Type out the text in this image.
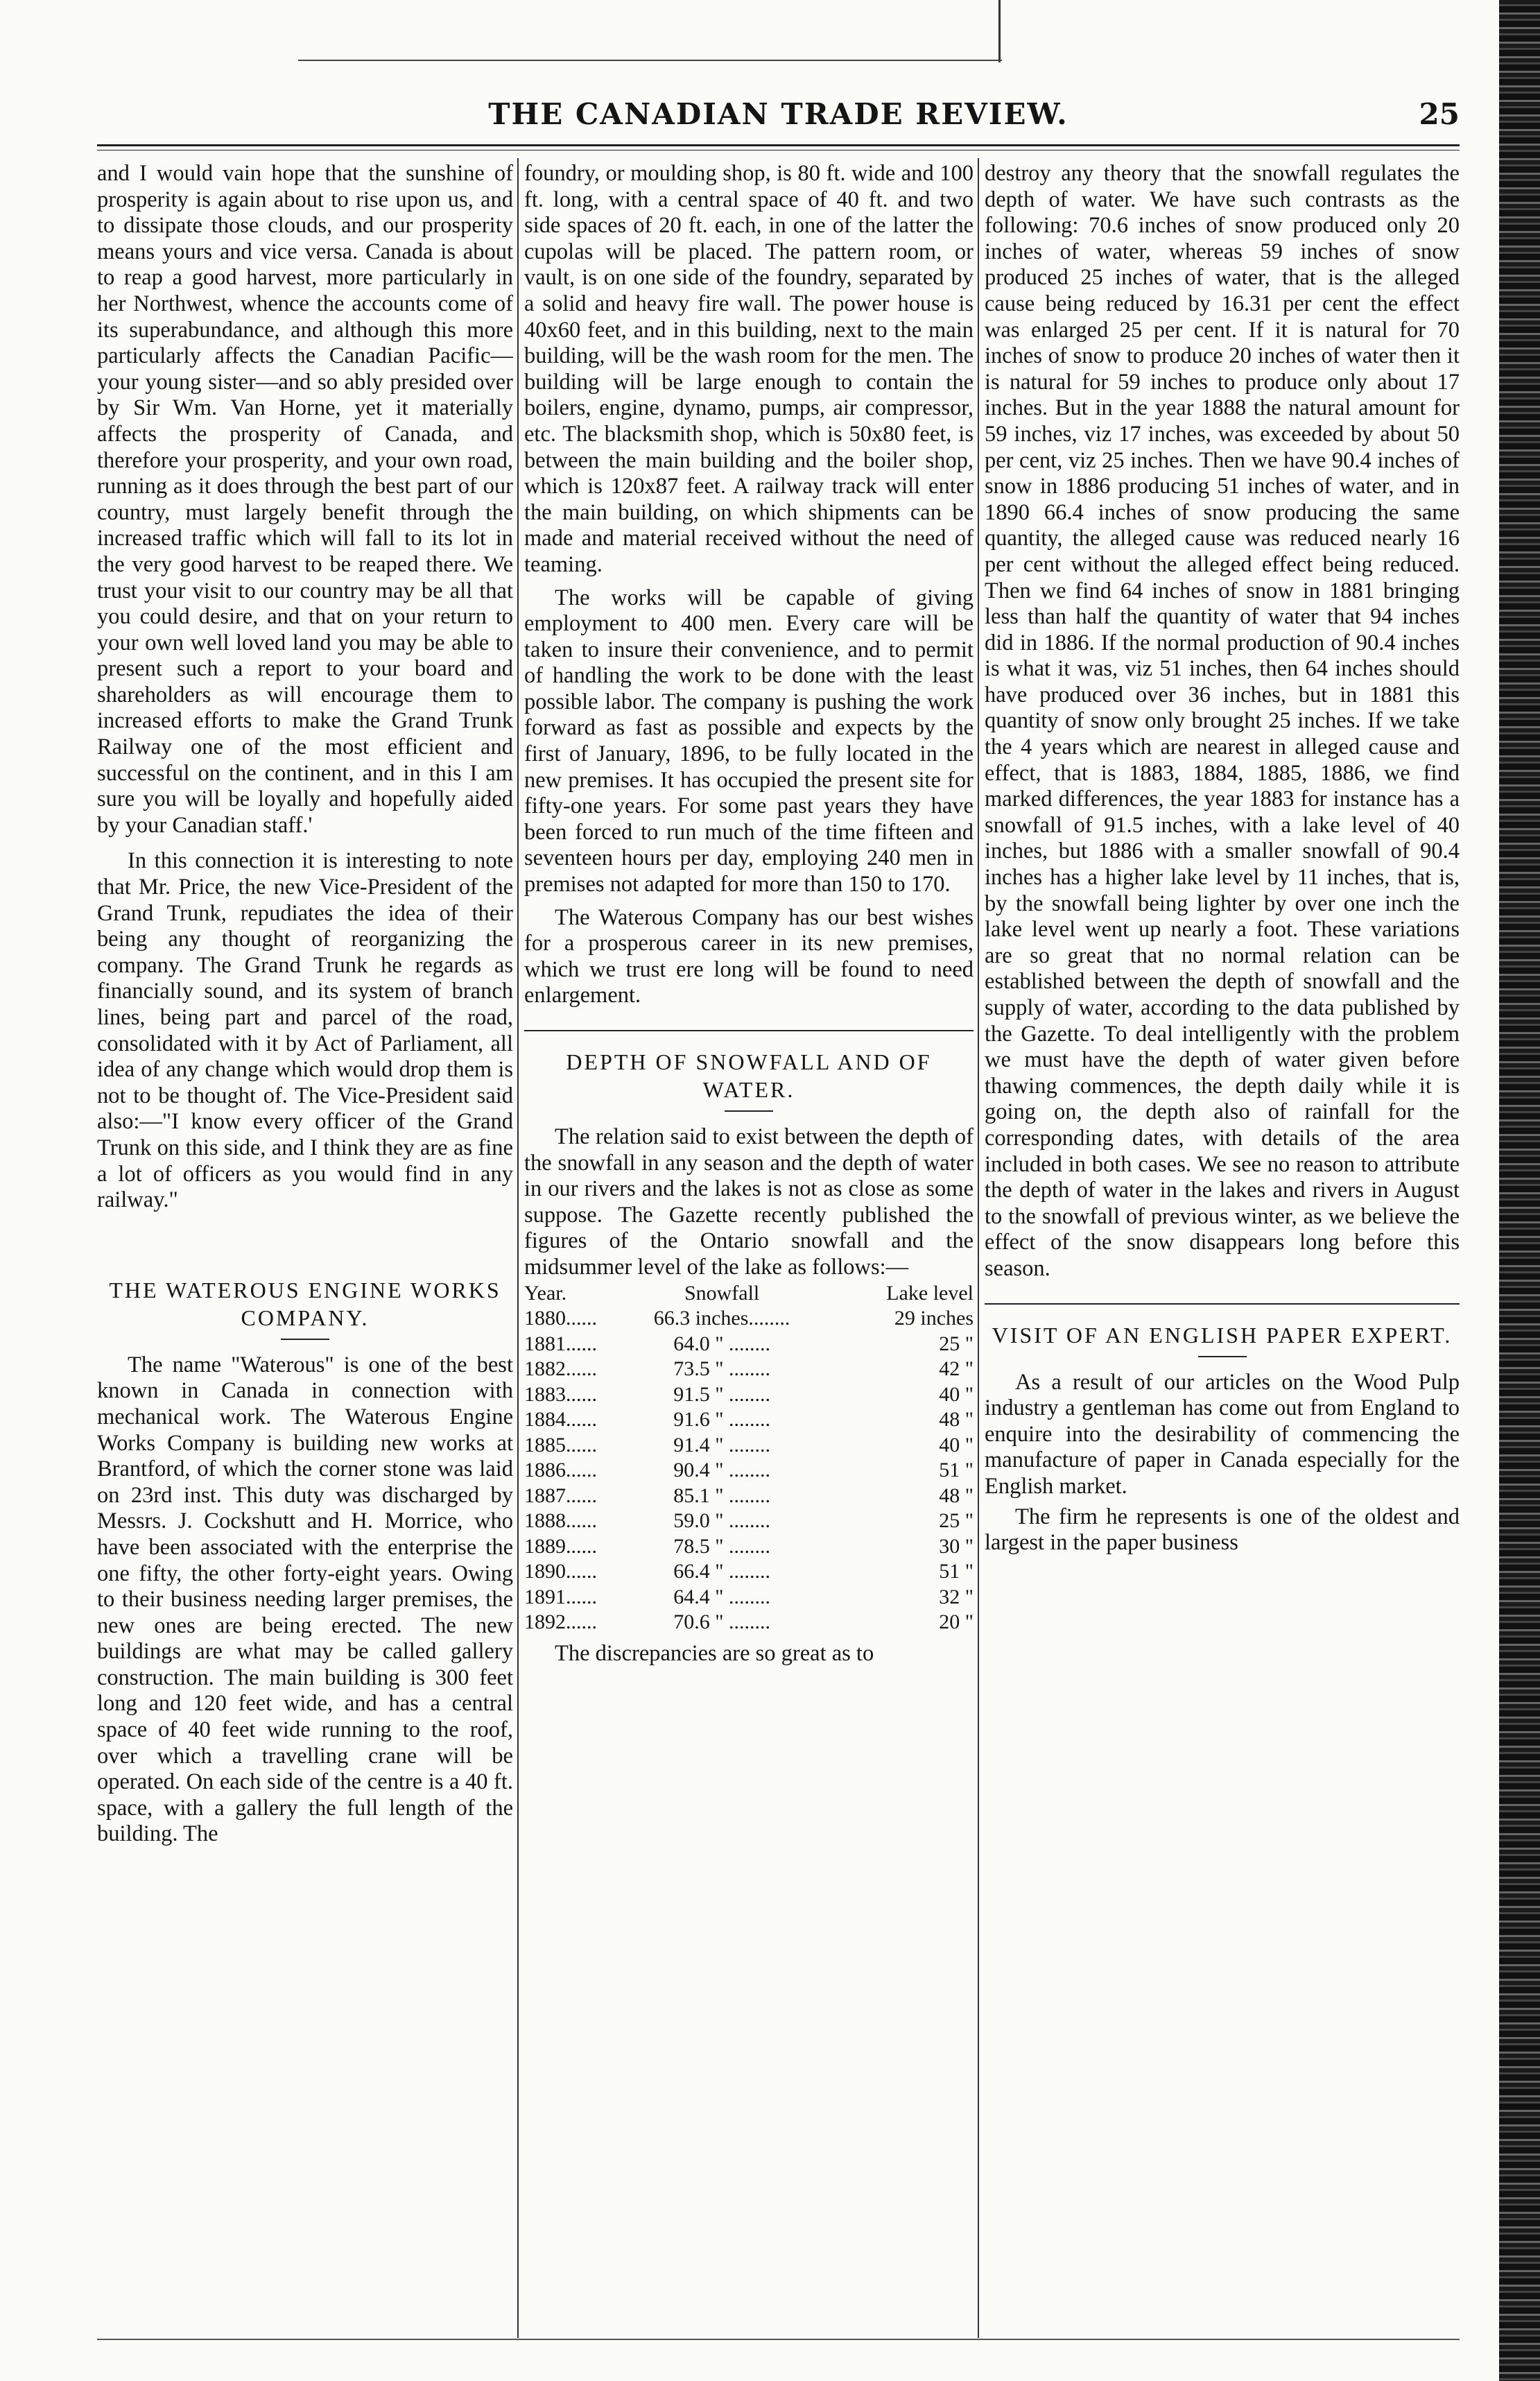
THE CANADIAN TRADE REVIEW.	25

and I would vain hope that the sunshine of prosperity is again about to rise upon us, and to dissipate those clouds, and our prosperity means yours and vice versa. Canada is about to reap a good harvest, more particularly in her Northwest, whence the accounts come of its superabundance, and although this more particularly affects the Canadian Pacific—your young sister—and so ably presided over by Sir Wm. Van Horne, yet it materially affects the prosperity of Canada, and therefore your prosperity, and your own road, running as it does through the best part of our country, must largely benefit through the increased traffic which will fall to its lot in the very good harvest to be reaped there. We trust your visit to our country may be all that you could desire, and that on your return to your own well loved land you may be able to present such a report to your board and shareholders as will encourage them to increased efforts to make the Grand Trunk Railway one of the most efficient and successful on the continent, and in this I am sure you will be loyally and hopefully aided by your Canadian staff.'

In this connection it is interesting to note that Mr. Price, the new Vice-President of the Grand Trunk, repudiates the idea of their being any thought of reorganizing the company. The Grand Trunk he regards as financially sound, and its system of branch lines, being part and parcel of the road, consolidated with it by Act of Parliament, all idea of any change which would drop them is not to be thought of. The Vice-President said also:—"I know every officer of the Grand Trunk on this side, and I think they are as fine a lot of officers as you would find in any railway."

THE WATEROUS ENGINE WORKS COMPANY.

The name "Waterous" is one of the best known in Canada in connection with mechanical work. The Waterous Engine Works Company is building new works at Brantford, of which the corner stone was laid on 23rd inst. This duty was discharged by Messrs. J. Cockshutt and H. Morrice, who have been associated with the enterprise the one fifty, the other forty-eight years. Owing to their business needing larger premises, the new ones are being erected. The new buildings are what may be called gallery construction. The main building is 300 feet long and 120 feet wide, and has a central space of 40 feet wide running to the roof, over which a travelling crane will be operated. On each side of the centre is a 40 ft. space, with a gallery the full length of the building. The

foundry, or moulding shop, is 80 ft. wide and 100 ft. long, with a central space of 40 ft. and two side spaces of 20 ft. each, in one of the latter the cupolas will be placed. The pattern room, or vault, is on one side of the foundry, separated by a solid and heavy fire wall. The power house is 40x60 feet, and in this building, next to the main building, will be the wash room for the men. The building will be large enough to contain the boilers, engine, dynamo, pumps, air compressor, etc. The blacksmith shop, which is 50x80 feet, is between the main building and the boiler shop, which is 120x87 feet. A railway track will enter the main building, on which shipments can be made and material received without the need of teaming.

The works will be capable of giving employment to 400 men. Every care will be taken to insure their convenience, and to permit of handling the work to be done with the least possible labor. The company is pushing the work forward as fast as possible and expects by the first of January, 1896, to be fully located in the new premises. It has occupied the present site for fifty-one years. For some past years they have been forced to run much of the time fifteen and seventeen hours per day, employing 240 men in premises not adapted for more than 150 to 170.

The Waterous Company has our best wishes for a prosperous career in its new premises, which we trust ere long will be found to need enlargement.

DEPTH OF SNOWFALL AND OF WATER.

The relation said to exist between the depth of the snowfall in any season and the depth of water in our rivers and the lakes is not as close as some suppose. The Gazette recently published the figures of the Ontario snowfall and the midsummer level of the lake as follows:—

Year.	Snowfall	Lake level
1880......	66.3 inches........	29 inches
1881......	64.0 " ........	25 "
1882......	73.5 " ........	42 "
1883......	91.5 " ........	40 "
1884......	91.6 " ........	48 "
1885......	91.4 " ........	40 "
1886......	90.4 " ........	51 "
1887......	85.1 " ........	48 "
1888......	59.0 " ........	25 "
1889......	78.5 " ........	30 "
1890......	66.4 " ........	51 "
1891......	64.4 " ........	32 "
1892......	70.6 " ........	20 "

The discrepancies are so great as to

destroy any theory that the snowfall regulates the depth of water. We have such contrasts as the following: 70.6 inches of snow produced only 20 inches of water, whereas 59 inches of snow produced 25 inches of water, that is the alleged cause being reduced by 16.31 per cent the effect was enlarged 25 per cent. If it is natural for 70 inches of snow to produce 20 inches of water then it is natural for 59 inches to produce only about 17 inches. But in the year 1888 the natural amount for 59 inches, viz 17 inches, was exceeded by about 50 per cent, viz 25 inches. Then we have 90.4 inches of snow in 1886 producing 51 inches of water, and in 1890 66.4 inches of snow producing the same quantity, the alleged cause was reduced nearly 16 per cent without the alleged effect being reduced. Then we find 64 inches of snow in 1881 bringing less than half the quantity of water that 94 inches did in 1886. If the normal production of 90.4 inches is what it was, viz 51 inches, then 64 inches should have produced over 36 inches, but in 1881 this quantity of snow only brought 25 inches. If we take the 4 years which are nearest in alleged cause and effect, that is 1883, 1884, 1885, 1886, we find marked differences, the year 1883 for instance has a snowfall of 91.5 inches, with a lake level of 40 inches, but 1886 with a smaller snowfall of 90.4 inches has a higher lake level by 11 inches, that is, by the snowfall being lighter by over one inch the lake level went up nearly a foot. These variations are so great that no normal relation can be established between the depth of snowfall and the supply of water, according to the data published by the Gazette. To deal intelligently with the problem we must have the depth of water given before thawing commences, the depth daily while it is going on, the depth also of rainfall for the corresponding dates, with details of the area included in both cases. We see no reason to attribute the depth of water in the lakes and rivers in August to the snowfall of previous winter, as we believe the effect of the snow disappears long before this season.

VISIT OF AN ENGLISH PAPER EXPERT.

As a result of our articles on the Wood Pulp industry a gentleman has come out from England to enquire into the desirability of commencing the manufacture of paper in Canada especially for the English market.

The firm he represents is one of the oldest and largest in the paper business
